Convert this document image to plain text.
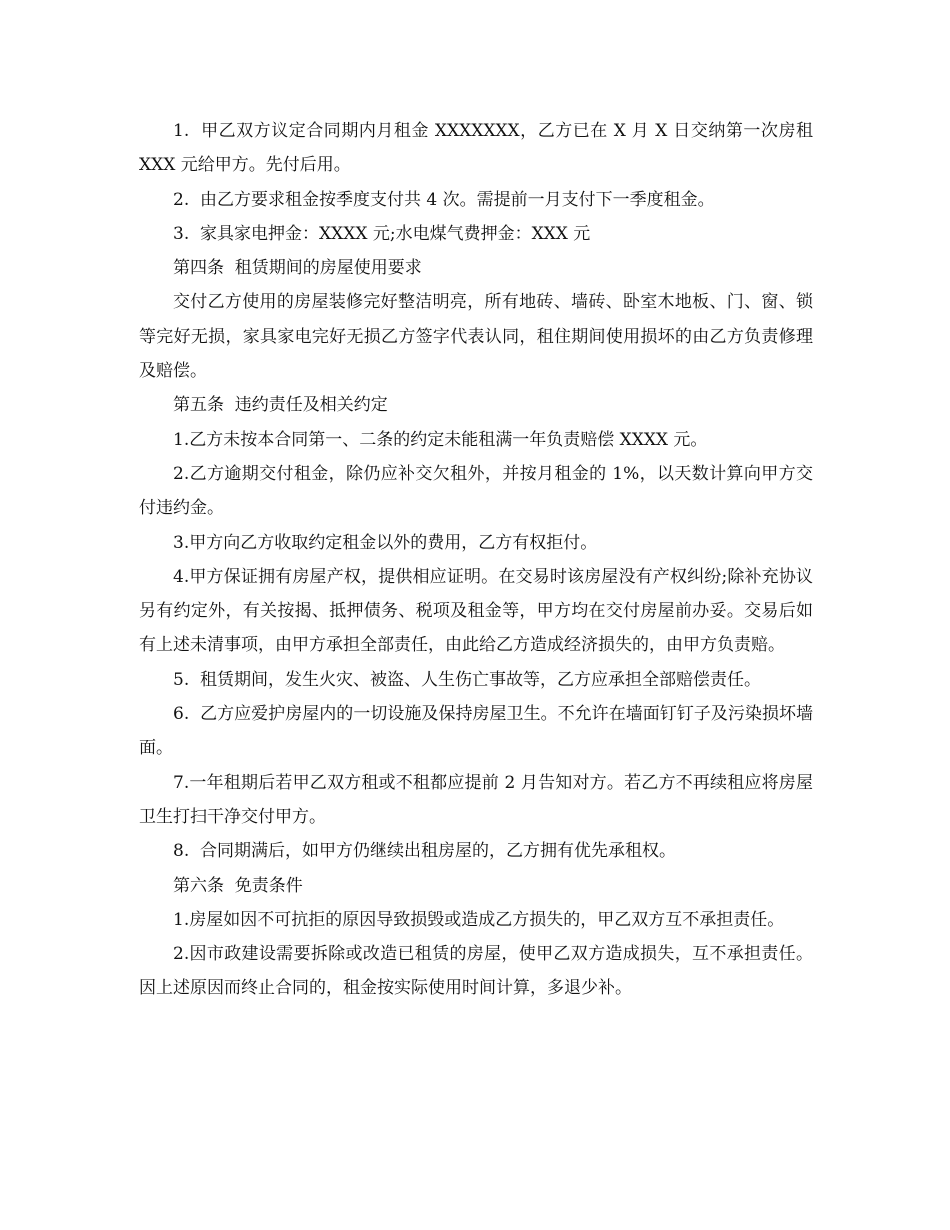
1.  甲乙双方议定合同期内月租金 XXXXXXX，乙方已在 X 月 X 日交纳第一次房租 XXX 元给甲方。先付后用。

2.  由乙方要求租金按季度支付共 4 次。需提前一月支付下一季度租金。

3.  家具家电押金：XXXX 元;水电煤气费押金：XXX 元

第四条  租赁期间的房屋使用要求

交付乙方使用的房屋装修完好整洁明亮，所有地砖、墙砖、卧室木地板、门、窗、锁等完好无损，家具家电完好无损乙方签字代表认同，租住期间使用损坏的由乙方负责修理及赔偿。

第五条  违约责任及相关约定

1.乙方未按本合同第一、二条的约定未能租满一年负责赔偿 XXXX 元。

2.乙方逾期交付租金，除仍应补交欠租外，并按月租金的 1%，以天数计算向甲方交付违约金。

3.甲方向乙方收取约定租金以外的费用，乙方有权拒付。

4.甲方保证拥有房屋产权，提供相应证明。在交易时该房屋没有产权纠纷;除补充协议另有约定外，有关按揭、抵押债务、税项及租金等，甲方均在交付房屋前办妥。交易后如有上述未清事项，由甲方承担全部责任，由此给乙方造成经济损失的，由甲方负责赔。

5.  租赁期间，发生火灾、被盗、人生伤亡事故等，乙方应承担全部赔偿责任。

6.  乙方应爱护房屋内的一切设施及保持房屋卫生。不允许在墙面钉钉子及污染损坏墙面。

7.一年租期后若甲乙双方租或不租都应提前 2 月告知对方。若乙方不再续租应将房屋卫生打扫干净交付甲方。

8.  合同期满后，如甲方仍继续出租房屋的，乙方拥有优先承租权。

第六条  免责条件

1.房屋如因不可抗拒的原因导致损毁或造成乙方损失的，甲乙双方互不承担责任。

2.因市政建设需要拆除或改造已租赁的房屋，使甲乙双方造成损失，互不承担责任。  因上述原因而终止合同的，租金按实际使用时间计算，多退少补。
